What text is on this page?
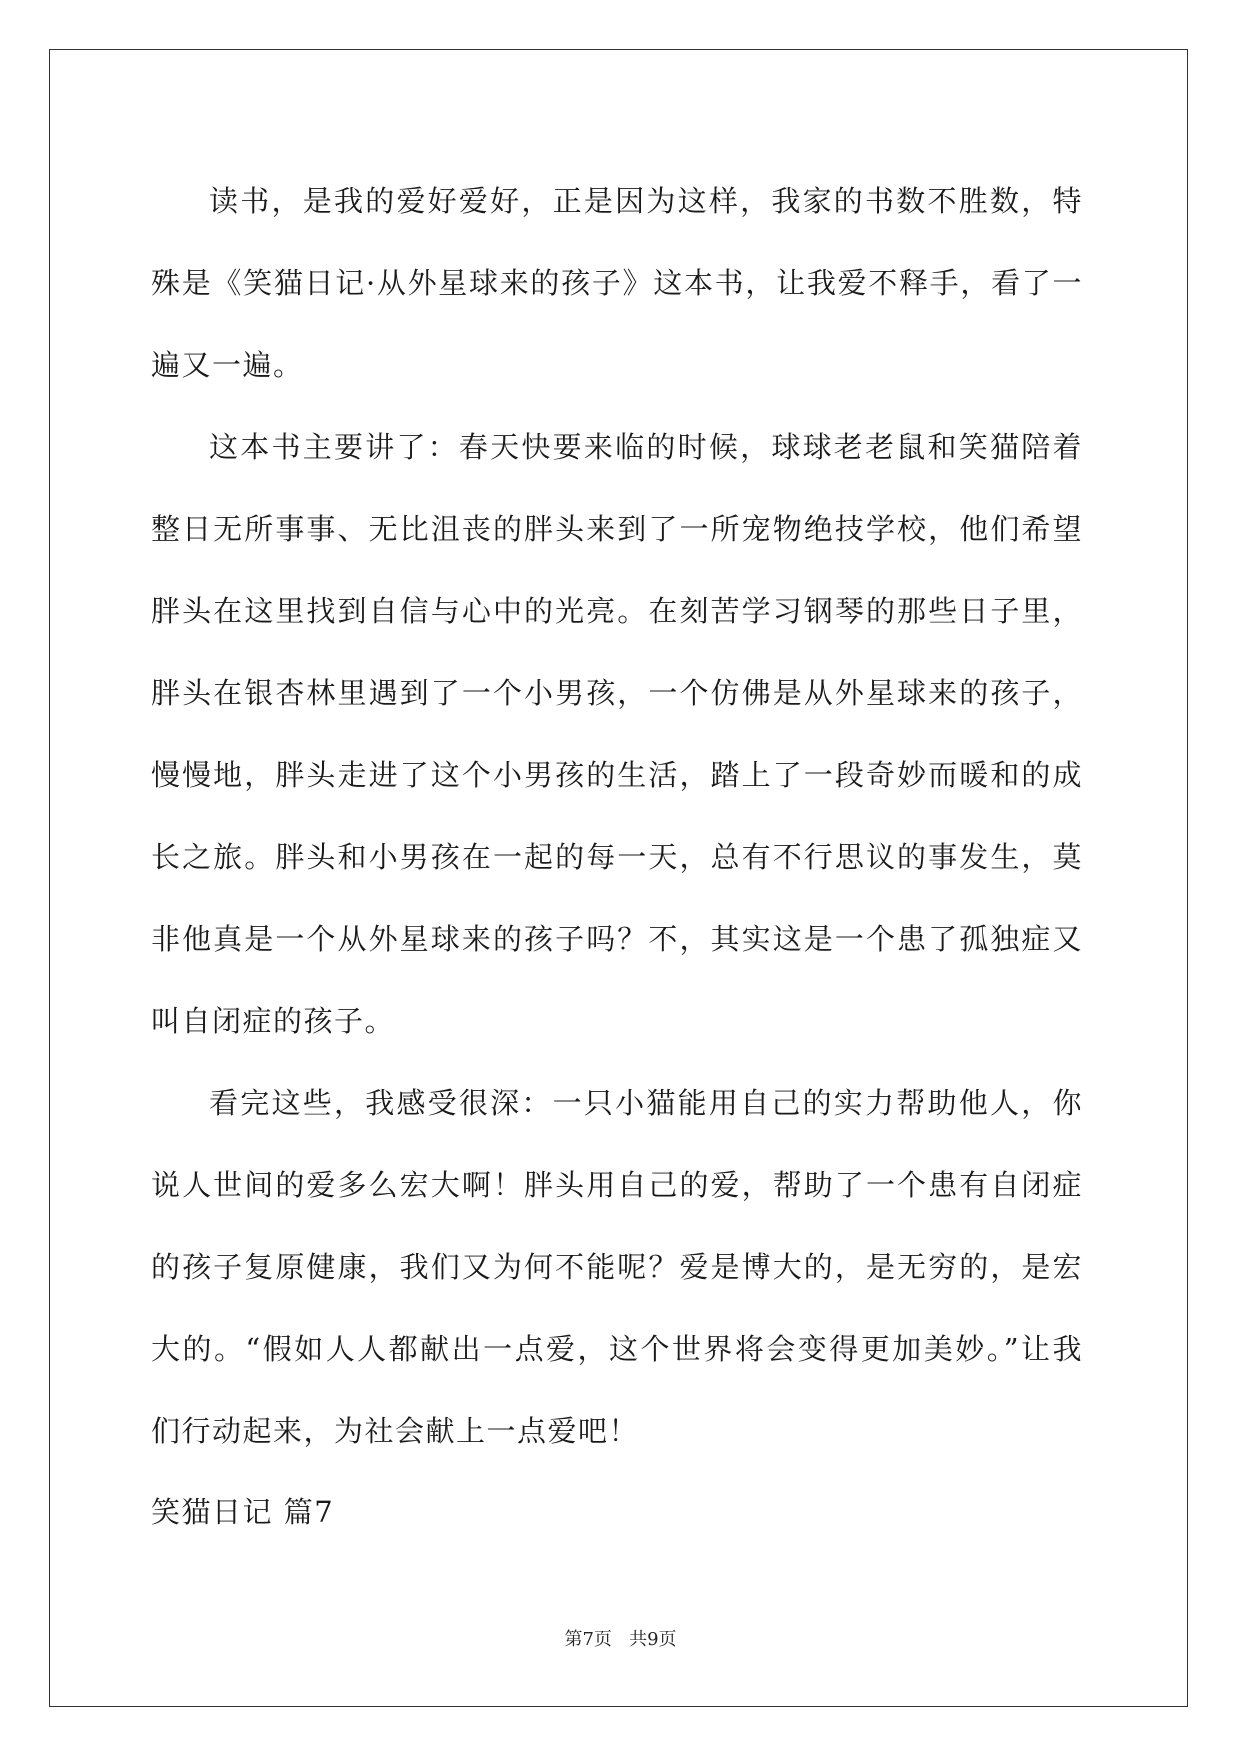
读书，是我的爱好爱好，正是因为这样，我家的书数不胜数，特殊是《笑猫日记·从外星球来的孩子》这本书，让我爱不释手，看了一遍又一遍。

这本书主要讲了：春天快要来临的时候，球球老老鼠和笑猫陪着整日无所事事、无比沮丧的胖头来到了一所宠物绝技学校，他们希望胖头在这里找到自信与心中的光亮。在刻苦学习钢琴的那些日子里，胖头在银杏林里遇到了一个小男孩，一个仿佛是从外星球来的孩子，慢慢地，胖头走进了这个小男孩的生活，踏上了一段奇妙而暖和的成长之旅。胖头和小男孩在一起的每一天，总有不行思议的事发生，莫非他真是一个从外星球来的孩子吗？不，其实这是一个患了孤独症又叫自闭症的孩子。

看完这些，我感受很深：一只小猫能用自己的实力帮助他人，你说人世间的爱多么宏大啊！胖头用自己的爱，帮助了一个患有自闭症的孩子复原健康，我们又为何不能呢？爱是博大的，是无穷的，是宏大的。“假如人人都献出一点爱，这个世界将会变得更加美妙。”让我们行动起来，为社会献上一点爱吧！

笑猫日记 篇7

第7页 共9页
